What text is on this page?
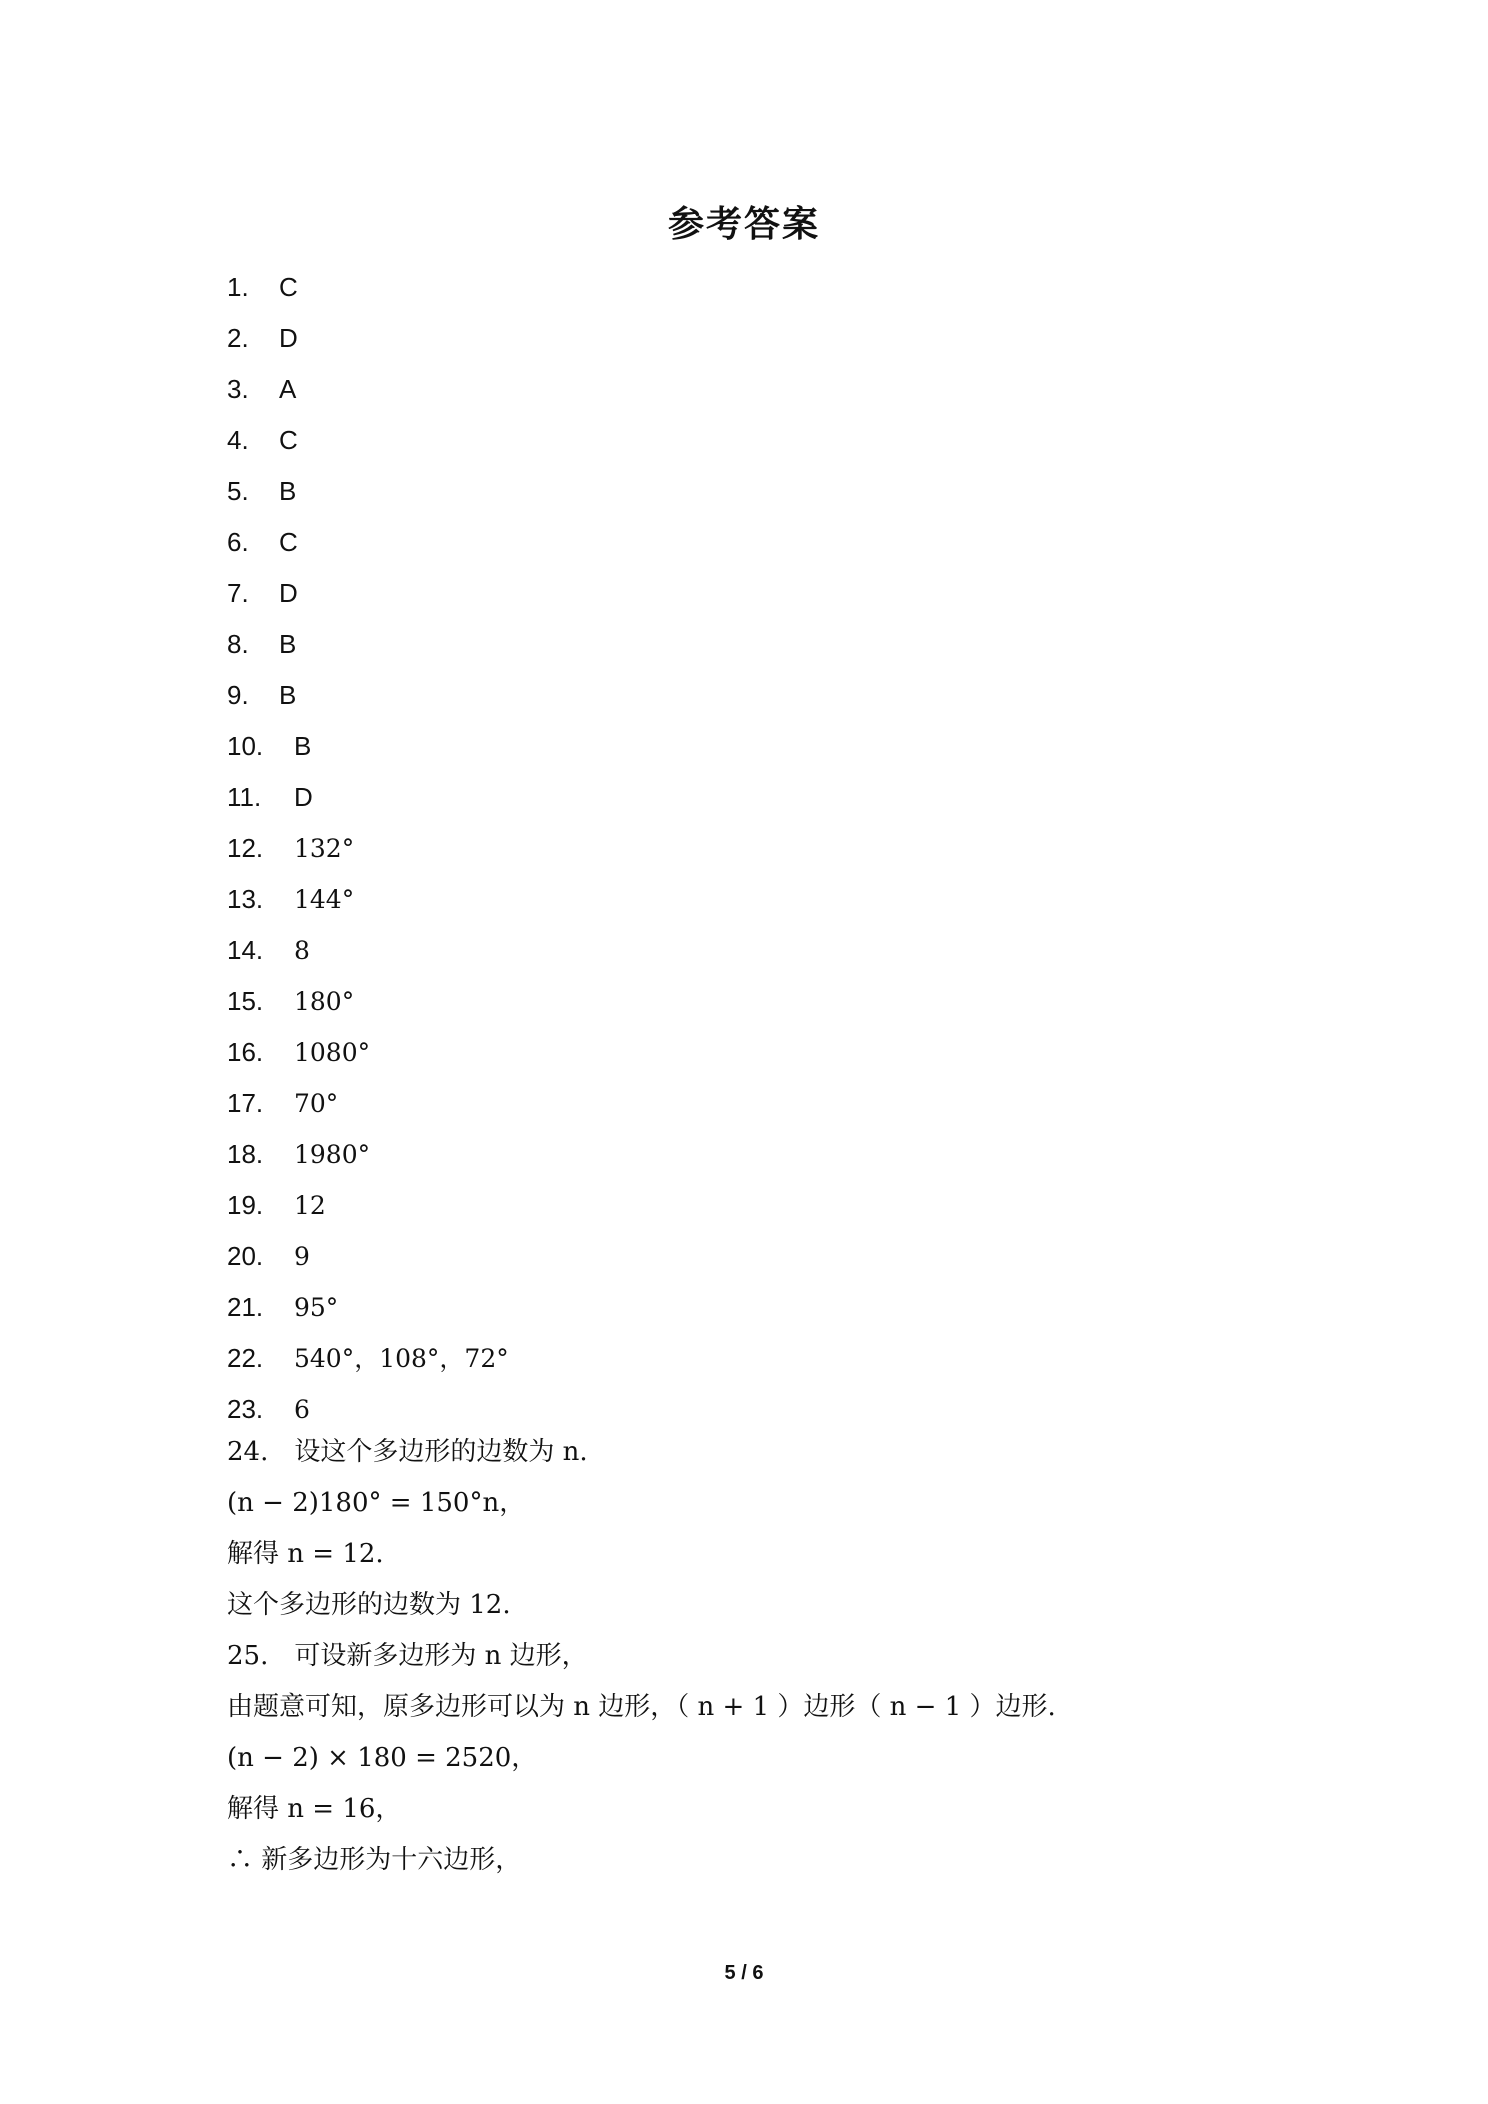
参考答案
1. C
2. D
3. A
4. C
5. B
6. C
7. D
8. B
9. B
10. B
11. D
12. 132°
13. 144°
14. 8
15. 180°
16. 1080°
17. 70°
18. 1980°
19. 12
20. 9
21. 95°
22. 540°，108°，72°
23. 6
24.　设这个多边形的边数为 n.
(n − 2)180° = 150°n，
解得 n = 12.
这个多边形的边数为 12.
25.　可设新多边形为 n 边形，
由题意可知，原多边形可以为 n 边形，（ n + 1 ）边形（ n − 1 ）边形.
(n − 2) × 180 = 2520，
解得 n = 16，
∴ 新多边形为十六边形，
5 / 6
